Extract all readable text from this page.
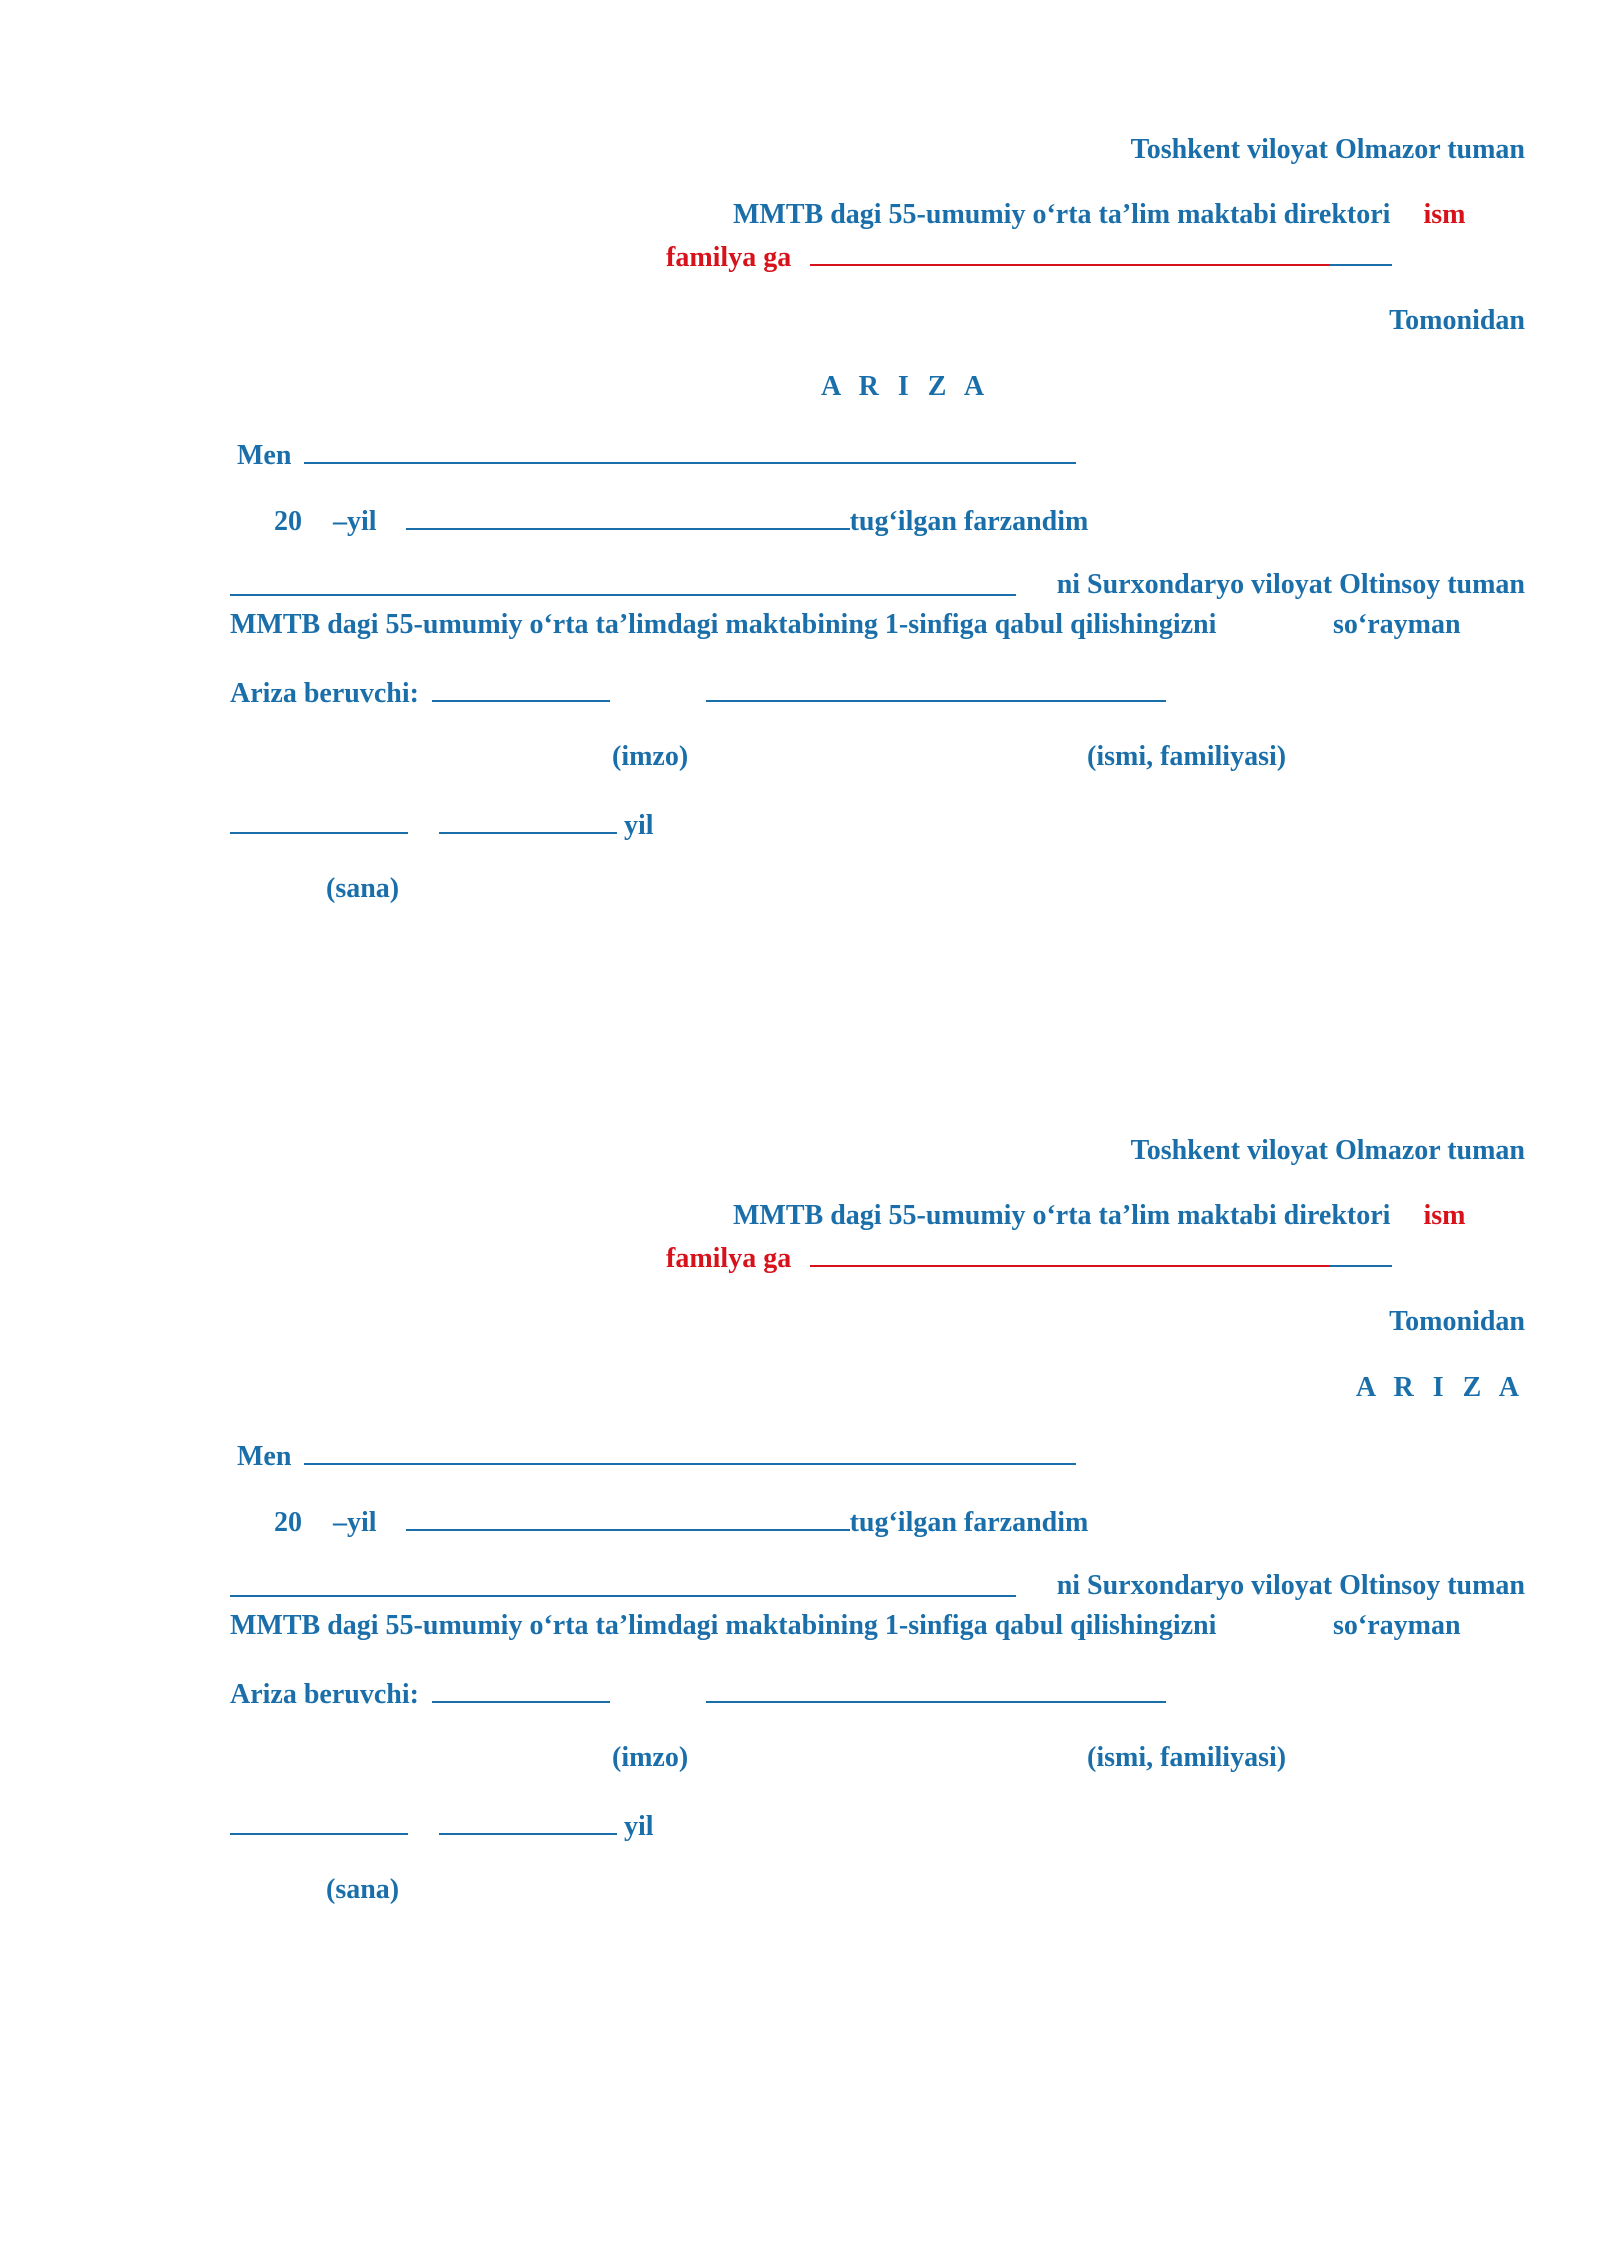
Toshkent viloyat Olmazor tuman
MMTB dagi 55-umumiy o‘rta ta’lim maktabi direktori ism
familya ga
Tomonidan
A R I Z A
Men
20 –yil	tug‘ilgan farzandim
ni Surxondaryo viloyat Oltinsoy tuman
MMTB dagi 55-umumiy o‘rta ta’limdagi maktabining 1-sinfiga qabul qilishingizni	so‘rayman
Ariza beruvchi:
(imzo)	(ismi, familiyasi)
yil
(sana)
Toshkent viloyat Olmazor tuman
MMTB dagi 55-umumiy o‘rta ta’lim maktabi direktori ism
familya ga
Tomonidan
A R I Z A
Men
20 –yil	tug‘ilgan farzandim
ni Surxondaryo viloyat Oltinsoy tuman
MMTB dagi 55-umumiy o‘rta ta’limdagi maktabining 1-sinfiga qabul qilishingizni	so‘rayman
Ariza beruvchi:
(imzo)	(ismi, familiyasi)
yil
(sana)
